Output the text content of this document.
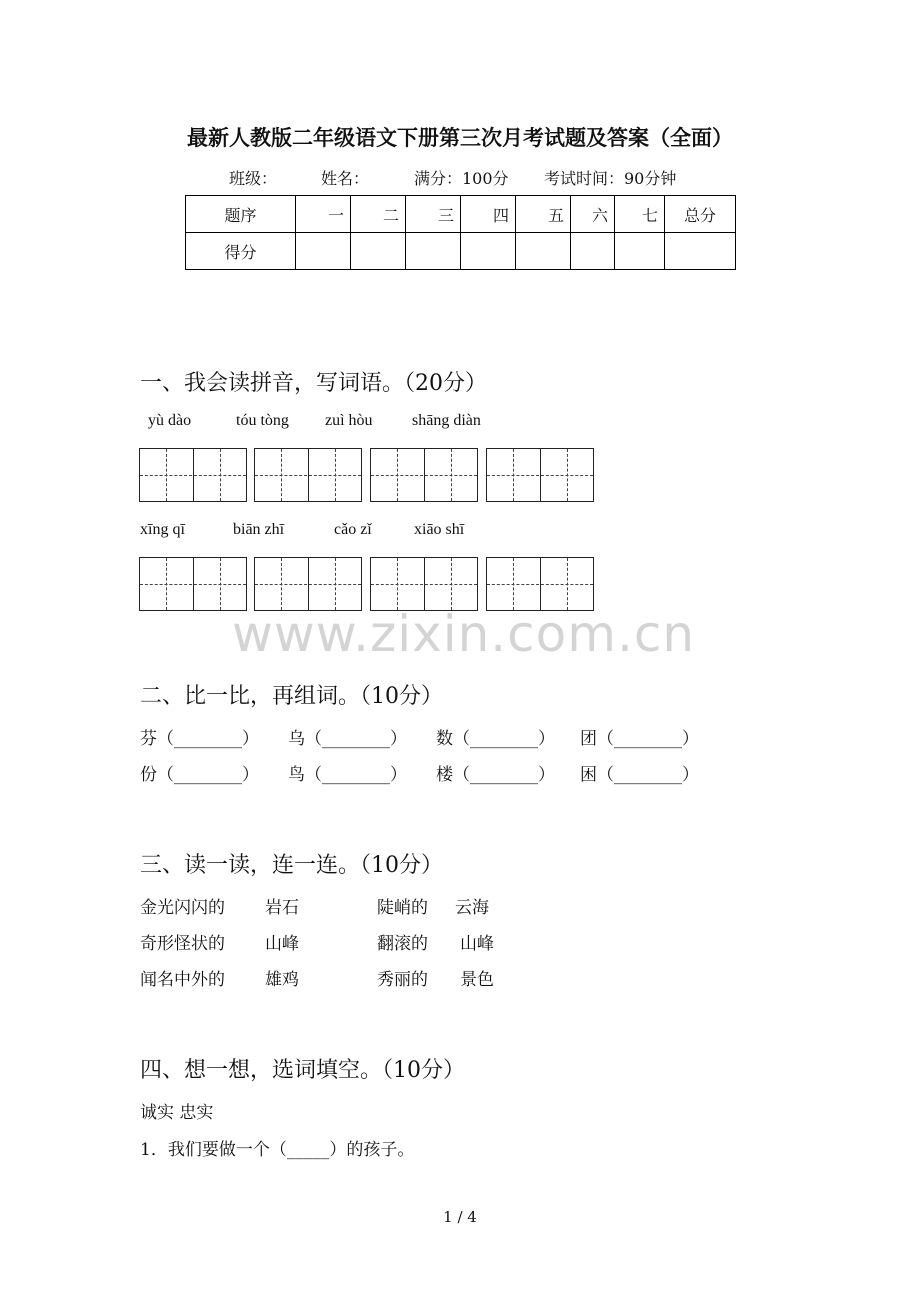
最新人教版二年级语文下册第三次月考试题及答案（全面）
班级：	姓名：	满分：100分 考试时间：90分钟
题序	一	二	三	四	五	六	七	总分
得分								
一、我会读拼音，写词语。（20分）
yù dào	tóu tòng zuì hòu shāng diàn
xīng qī	biān zhī	cǎo zǐ	xiāo shī
www.zixin.com.cn
二、比一比，再组词。（10分）
芬（________） 乌（________） 数（________） 团（________）
份（________） 鸟（________） 楼（________） 困（________）
三、读一读，连一连。（10分）
金光闪闪的 岩石	陡峭的 云海
奇形怪状的 山峰	翻滚的 山峰
闻名中外的 雄鸡	秀丽的 景色
四、想一想，选词填空。（10分）
诚实 忠实
1．我们要做一个（_____）的孩子。
1 / 4
